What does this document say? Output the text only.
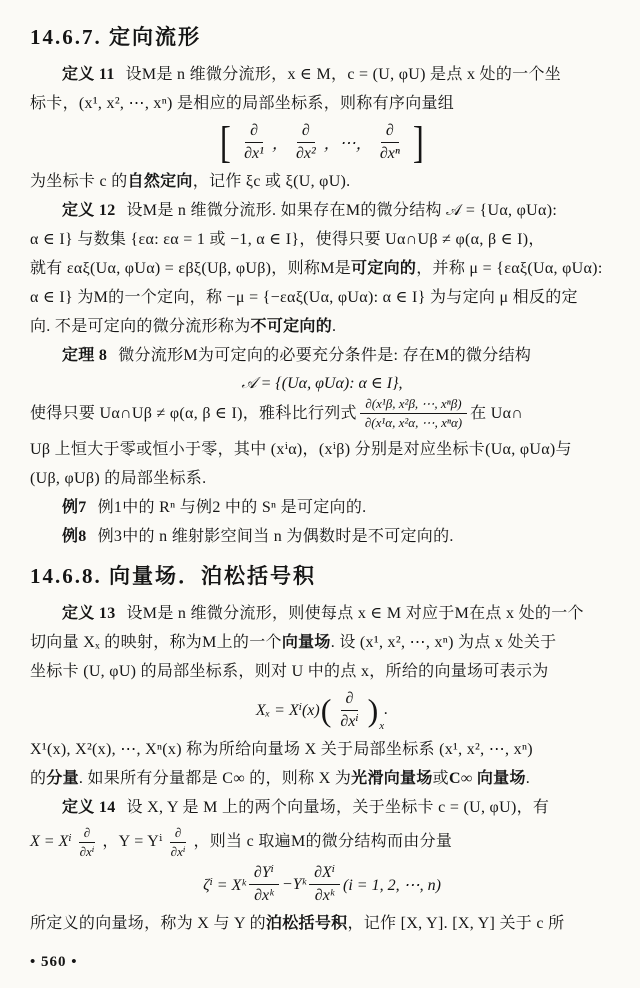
14.6.7. 定向流形
定义 11 设M是 n 维微分流形，x ∈ M，c = (U, φU) 是点 x 处的一个坐
标卡，(x¹, x², ⋯, xⁿ) 是相应的局部坐标系，则称有序向量组
[ $\frac{\partial}{\text{∂x¹}}$ ， $\frac{\partial}{\text{∂x²}}$ ， ⋯ ， $\frac{\partial}{\text{∂xⁿ}}$ ]
为坐标卡 c 的自然定向，记作 ξc 或 ξ(U, φU).
定义 12 设M是 n 维微分流形. 如果存在M的微分结构 𝒜 = {Uα, φUα):
α ∈ I} 与数集 {εα: εα = 1 或 −1, α ∈ I}，使得只要 Uα∩Uβ ≠ φ(α, β ∈ I)，
就有 εαξ(Uα, φUα) = εβξ(Uβ, φUβ)，则称M是可定向的，并称 μ = {εαξ(Uα, φUα):
α ∈ I} 为M的一个定向，称 −μ = {−εαξ(Uα, φUα): α ∈ I} 为与定向 μ 相反的定
向. 不是可定向的微分流形称为不可定向的.
定理 8 微分流形M为可定向的必要充分条件是: 存在M的微分结构
𝒜 = {(Uα, φUα): α ∈ I},
使得只要 Uα∩Uβ ≠ φ(α, β ∈ I)，雅科比行列式 $\frac{\text{∂(x¹β, x²β, ⋯, xⁿβ)}}{\text{∂(x¹α, x²α, ⋯, xⁿα)}}$ 在 Uα∩
Uβ 上恒大于零或恒小于零，其中 (xⁱα)，(xⁱβ) 分别是对应坐标卡(Uα, φUα)与
(Uβ, φUβ) 的局部坐标系.
例7 例1中的 Rⁿ 与例2 中的 Sⁿ 是可定向的.
例8 例3中的 n 维射影空间当 n 为偶数时是不可定向的.
14.6.8. 向量场．泊松括号积
定义 13 设M是 n 维微分流形，则使每点 x ∈ M 对应于M在点 x 处的一个
切向量 Xₓ 的映射，称为M上的一个向量场. 设 (x¹, x², ⋯, xⁿ) 为点 x 处关于
坐标卡 (U, φU) 的局部坐标系，则对 U 中的点 x，所给的向量场可表示为
Xₓ = Xⁱ(x) ( $\frac{\partial}{\text{∂xⁱ}}$ ) x
.
X¹(x), X²(x), ⋯, Xⁿ(x) 称为所给向量场 X 关于局部坐标系 (x¹, x², ⋯, xⁿ)
的分量. 如果所有分量都是 C∞ 的，则称 X 为光滑向量场或C∞ 向量场.
定义 14 设 X, Y 是 M 上的两个向量场，关于坐标卡 c = (U, φU)，有
X = Xⁱ $\frac{\partial}{\text{∂xⁱ}}$ ，Y = Yⁱ $\frac{\partial}{\text{∂xⁱ}}$ ，则当 c 取遍M的微分结构而由分量
ζⁱ = Xᵏ $\frac{\text{∂Yⁱ}}{\text{∂xᵏ}}$ − Yᵏ $\frac{\text{∂Xⁱ}}{\text{∂xᵏ}} (i = 1$, 2, ⋯, n)
所定义的向量场，称为 X 与 Y 的泊松括号积，记作 [X, Y]. [X, Y] 关于 c 所
• 560 •
